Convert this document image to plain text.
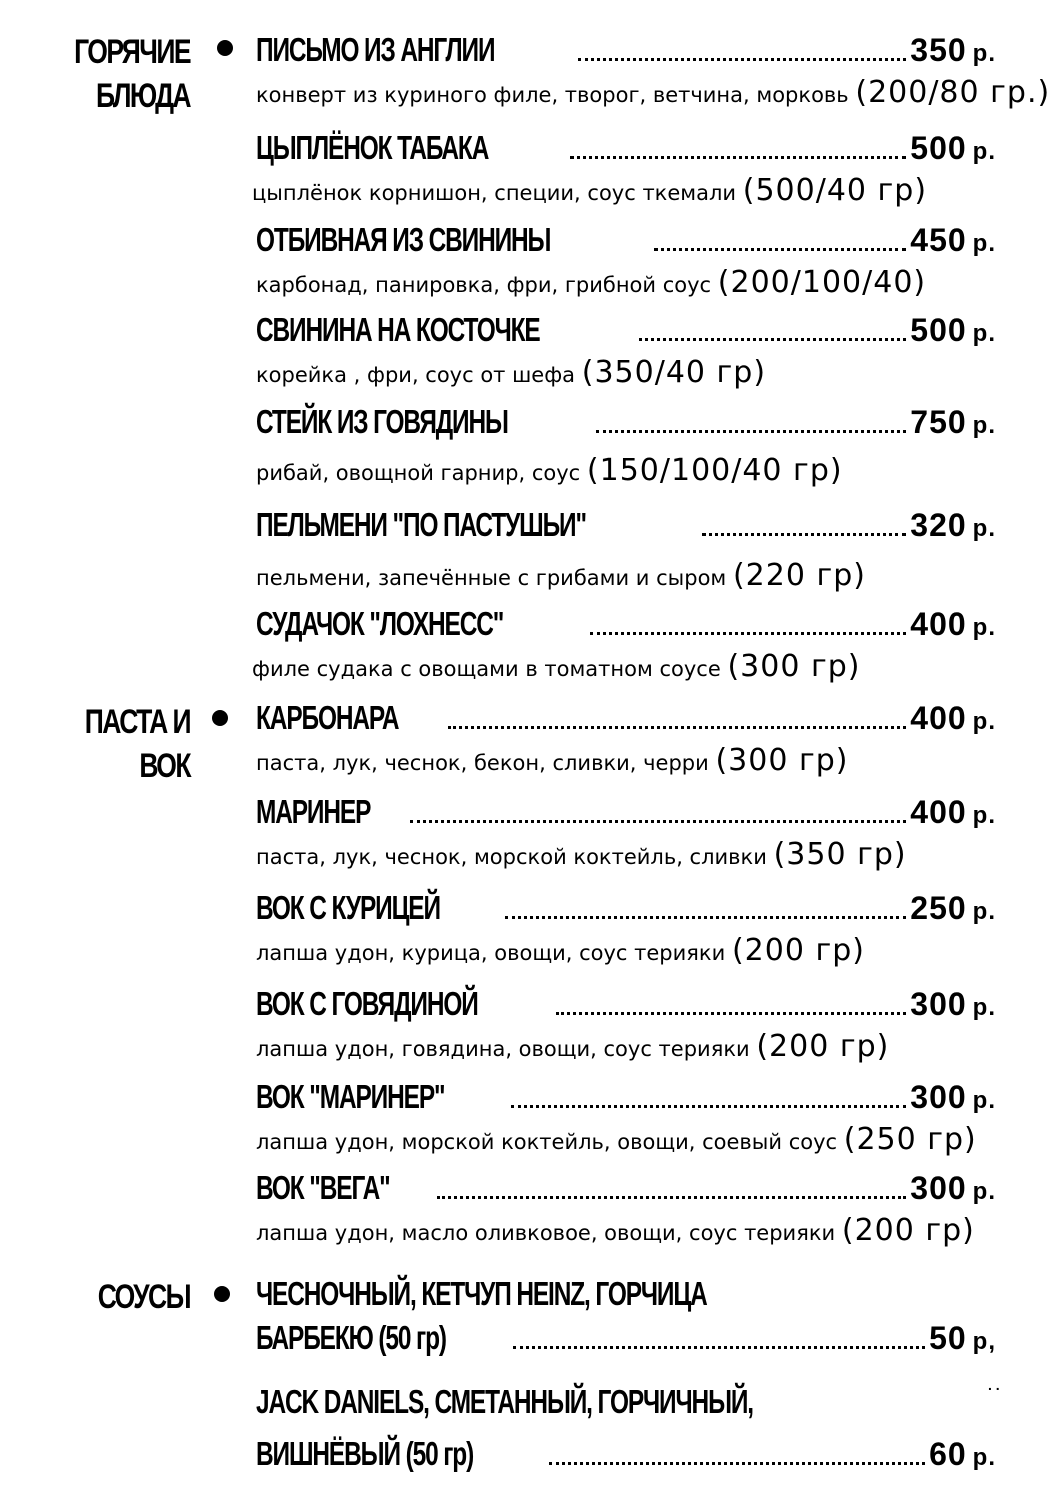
ГОРЯЧИЕ
БЛЮДА
ПИСЬМО ИЗ АНГЛИИ	350 р.
конверт из куриного филе, творог, ветчина, морковь (200/80 гр.)
ЦЫПЛЁНОК ТАБАКА	500 р.
цыплёнок корнишон, специи, соус ткемали (500/40 гр)
ОТБИВНАЯ ИЗ СВИНИНЫ	450 р.
карбонад, панировка, фри, грибной соус (200/100/40)
СВИНИНА НА КОСТОЧКЕ	500 р.
корейка , фри, соус от шефа (350/40 гр)
СТЕЙК ИЗ ГОВЯДИНЫ	750 р.
рибай, овощной гарнир, соус (150/100/40 гр)
ПЕЛЬМЕНИ "ПО ПАСТУШЬИ"	320 р.
пельмени, запечённые с грибами и сыром (220 гр)
СУДАЧОК "ЛОХНЕСС"	400 р.
филе судака с овощами в томатном соусе (300 гр)
ПАСТА И
ВОК
КАРБОНАРА	400 р.
паста, лук, чеснок, бекон, сливки, черри (300 гр)
МАРИНЕР	400 р.
паста, лук, чеснок, морской коктейль, сливки (350 гр)
ВОК С КУРИЦЕЙ	250 р.
лапша удон, курица, овощи, соус терияки (200 гр)
ВОК С ГОВЯДИНОЙ	300 р.
лапша удон, говядина, овощи, соус терияки (200 гр)
ВОК "МАРИНЕР"	300 р.
лапша удон, морской коктейль, овощи, соевый соус (250 гр)
ВОК "ВЕГА"	300 р.
лапша удон, масло оливковое, овощи, соус терияки (200 гр)
СОУСЫ ЧЕСНОЧНЫЙ, КЕТЧУП HEINZ, ГОРЧИЦА
БАРБЕКЮ (50 гр)	50 р,
JACK DANIELS, СМЕТАННЫЙ, ГОРЧИЧНЫЙ,
ВИШНЁВЫЙ (50 гр)	60 р.
. .
